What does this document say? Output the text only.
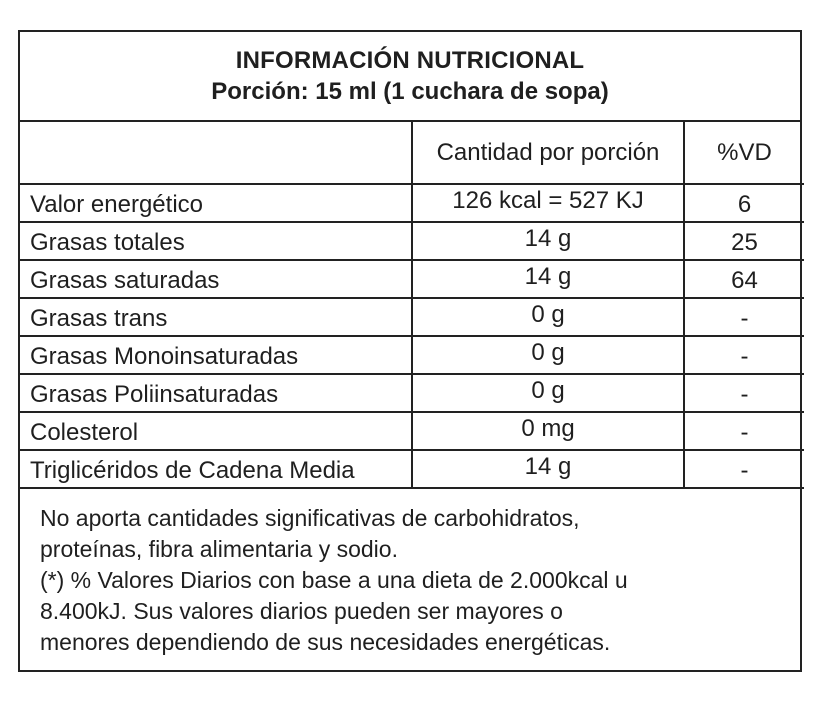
INFORMACIÓN NUTRICIONAL
Porción: 15 ml (1 cuchara de sopa)
	Cantidad por porción	%VD
Valor energético	126 kcal = 527 KJ	6
Grasas totales	14 g	25
Grasas saturadas	14 g	64
Grasas trans	0 g	-
Grasas Monoinsaturadas	0 g	-
Grasas Poliinsaturadas	0 g	-
Colesterol	0 mg	-
Triglicéridos de Cadena Media	14 g	-

No aporta cantidades significativas de carbohidratos,

proteínas, fibra alimentaria y sodio.

(*) % Valores Diarios con base a una dieta de 2.000kcal u

8.400kJ. Sus valores diarios pueden ser mayores o

menores dependiendo de sus necesidades energéticas.
